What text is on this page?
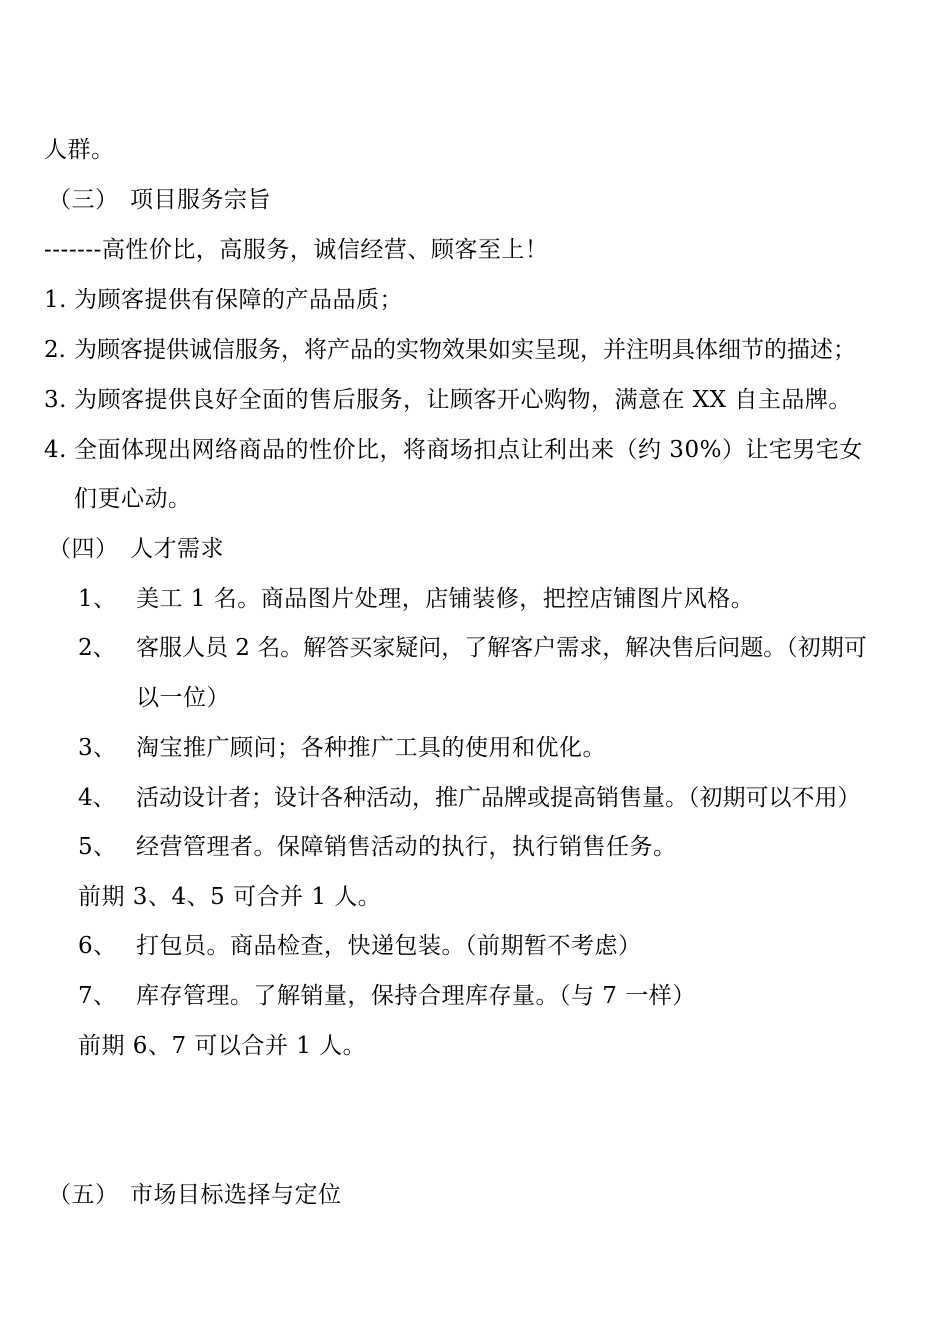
人群。
（三） 项目服务宗旨
-------高性价比，高服务，诚信经营、顾客至上！
1. 为顾客提供有保障的产品品质；
2. 为顾客提供诚信服务，将产品的实物效果如实呈现，并注明具体细节的描述；
3. 为顾客提供良好全面的售后服务，让顾客开心购物，满意在 XX 自主品牌。
4. 全面体现出网络商品的性价比，将商场扣点让利出来（约 30%）让宅男宅女
们更心动。
（四） 人才需求
1、 美工 1 名。商品图片处理，店铺装修，把控店铺图片风格。
2、 客服人员 2 名。解答买家疑问，了解客户需求，解决售后问题。（初期可
以一位）
3、 淘宝推广顾问；各种推广工具的使用和优化。
4、 活动设计者；设计各种活动，推广品牌或提高销售量。（初期可以不用）
5、 经营管理者。保障销售活动的执行，执行销售任务。
前期 3、4、5 可合并 1 人。
6、 打包员。商品检查，快递包装。（前期暂不考虑）
7、 库存管理。了解销量，保持合理库存量。（与 7 一样）
前期 6、7 可以合并 1 人。
（五） 市场目标选择与定位
